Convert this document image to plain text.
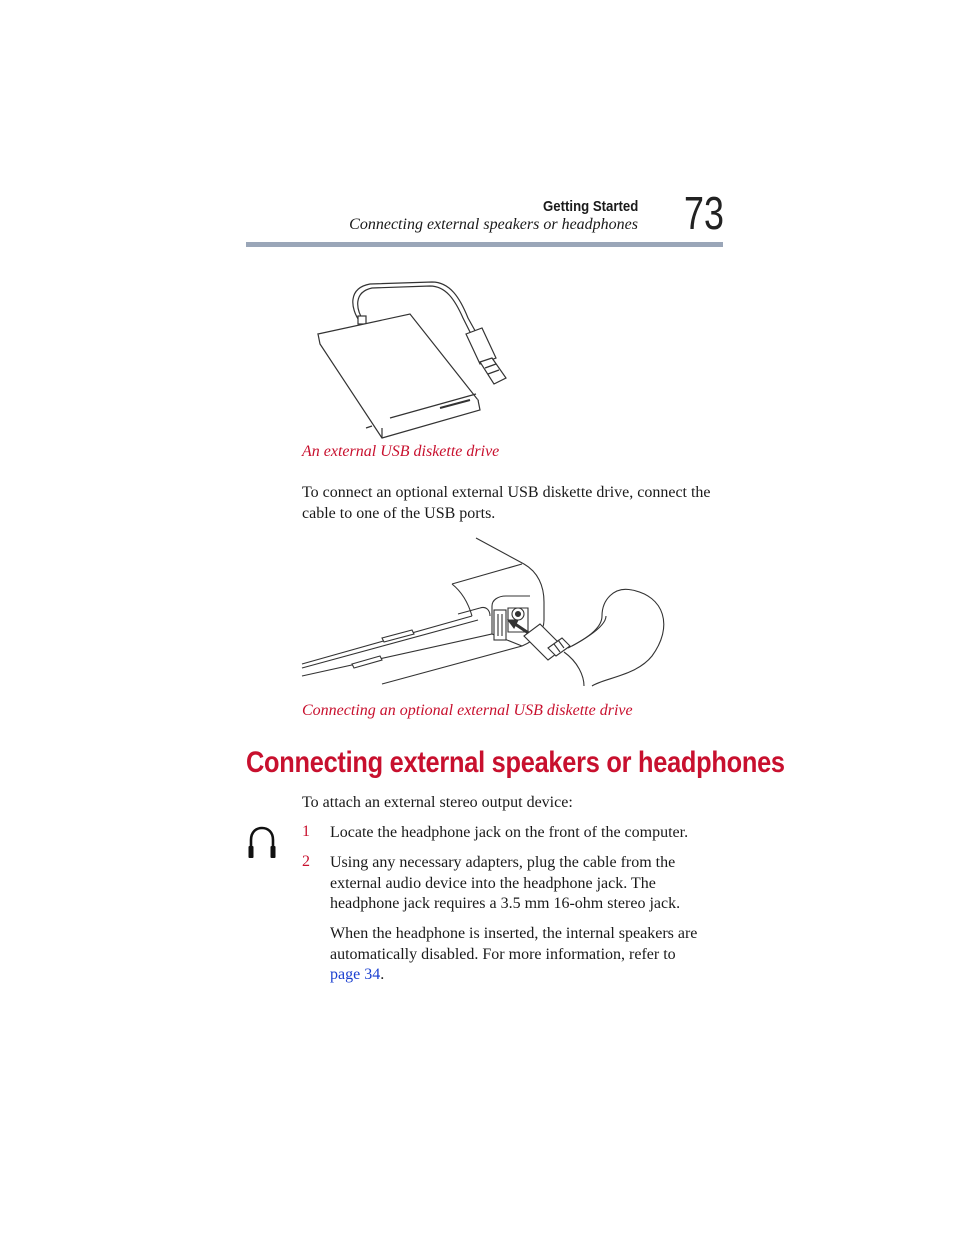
Getting Started
Connecting external speakers or headphones 73
An external USB diskette drive
To connect an optional external USB diskette drive, connect the
cable to one of the USB ports.
Connecting an optional external USB diskette drive
Connecting external speakers or headphones
To attach an external stereo output device:
1 Locate the headphone jack on the front of the computer.
2 Using any necessary adapters, plug the cable from the
external audio device into the headphone jack. The
headphone jack requires a 3.5 mm 16-ohm stereo jack.
When the headphone is inserted, the internal speakers are
automatically disabled. For more information, refer to
page 34.
